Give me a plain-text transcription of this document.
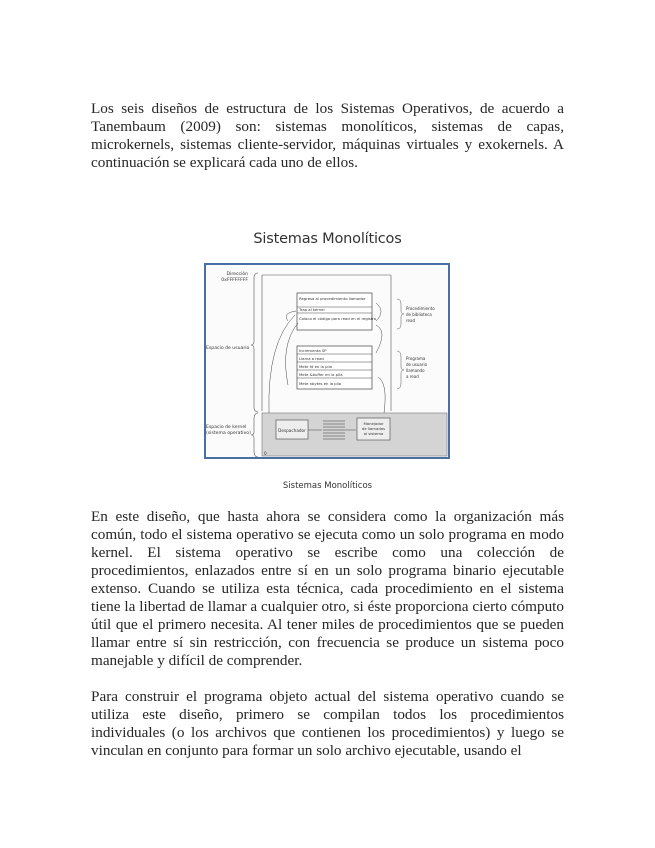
Los seis diseños de estructura de los Sistemas Operativos, de acuerdo a Tanembaum (2009) son: sistemas monolíticos, sistemas de capas, microkernels, sistemas cliente-servidor, máquinas virtuales y exokernels. A continuación se explicará cada uno de ellos.

Sistemas Monolíticos
Dirección
0xFFFFFFFF
Espacio de usuario
Espacio de kernel
(sistema operativo)
Regresa al procedimiento llamador
Trap al kernel
Coloca el código para read en el registro
Procedimiento
de biblioteca
read
Incrementa SP
Llama a read
Mete fd en la pila
Mete &buffer en la pila
Mete nbytes en la pila
Programa
de usuario
llamando
a read
Despachador
Manejador
de llamadas
al sistema
0
Sistemas Monolíticos

En este diseño, que hasta ahora se considera como la organización más común, todo el sistema operativo se ejecuta como un solo programa en modo kernel. El sistema operativo se escribe como una colección de procedimientos, enlazados entre sí en un solo programa binario ejecutable extenso. Cuando se utiliza esta técnica, cada procedimiento en el sistema tiene la libertad de llamar a cualquier otro, si éste proporciona cierto cómputo útil que el primero necesita. Al tener miles de procedimientos que se pueden llamar entre sí sin restricción, con frecuencia se produce un sistema poco manejable y difícil de comprender.

Para construir el programa objeto actual del sistema operativo cuando se utiliza este diseño, primero se compilan todos los procedimientos individuales (o los archivos que contienen los procedimientos) y luego se vinculan en conjunto para formar un solo archivo ejecutable, usando el
